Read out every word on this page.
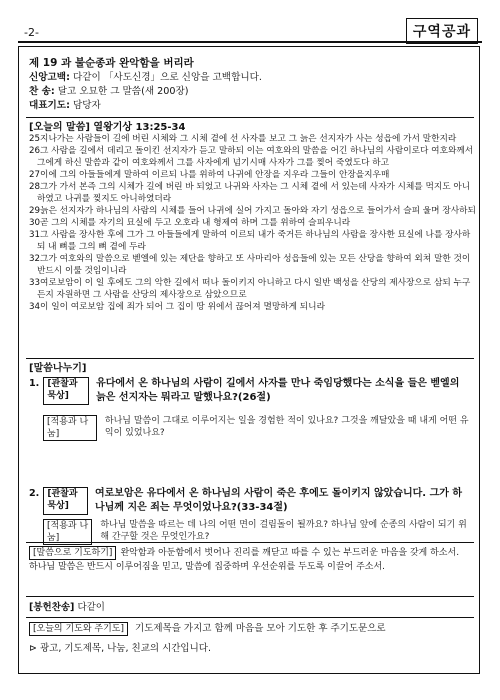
-2-	구역공과
제 19 과 불순종과 완악함을 버리라
신앙고백: 다같이 「사도신경」으로 신앙을 고백합니다.
찬 송: 달고 오묘한 그 말씀(새 200장)
대표기도: 담당자
[오늘의 말씀] 열왕기상 13:25-34

25지나가는 사람들이 길에 버린 시체와 그 시체 곁에 선 사자를 보고 그 늙은 선지자가 사는 성읍에 가서 말한지라

26그 사람을 길에서 데리고 돌이킨 선지자가 듣고 말하되 이는 여호와의 말씀을 어긴 하나님의 사람이로다 여호와께서 그에게 하신 말씀과 같이 여호와께서 그를 사자에게 넘기시매 사자가 그를 찢어 죽였도다 하고

27이에 그의 아들들에게 말하여 이르되 나를 위하여 나귀에 안장을 지우라 그들이 안장을지우매

28그가 가서 본즉 그의 시체가 길에 버린 바 되었고 나귀와 사자는 그 시체 곁에 서 있는데 사자가 시체를 먹지도 아니하였고 나귀를 찢지도 아니하였더라

29늙은 선지자가 하나님의 사람의 시체를 들어 나귀에 실어 가지고 돌아와 자기 성읍으로 들어가서 슬피 울며 장사하되

30곧 그의 시체를 자기의 묘실에 두고 오호라 내 형제여 하며 그를 위하여 슬피우니라

31그 사람을 장사한 후에 그가 그 아들들에게 말하여 이르되 내가 죽거든 하나님의 사람을 장사한 묘실에 나를 장사하되 내 뼈를 그의 뼈 곁에 두라

32그가 여호와의 말씀으로 벧엘에 있는 제단을 향하고 또 사마리아 성읍들에 있는 모든 산당을 향하여 외쳐 말한 것이 반드시 이룰 것임이니라

33여로보암이 이 일 후에도 그의 악한 길에서 떠나 돌이키지 아니하고 다시 일반 백성을 산당의 제사장으로 삼되 누구든지 자원하면 그 사람을 산당의 제사장으로 삼았으므로

34이 일이 여로보암 집에 죄가 되어 그 집이 땅 위에서 끊어져 멸망하게 되니라

[말씀나누기]
1. [관찰과 묵상]
유다에서 온 하나님의 사람이 길에서 사자를 만나 죽임당했다는 소식을 들은 벧엘의 늙은 선지자는 뭐라고 말했나요?(26절)
[적용과 나눔]
하나님 말씀이 그대로 이루어지는 일을 경험한 적이 있나요? 그것을 깨달았을 때 내게 어떤 유익이 있었나요?
2. [관찰과 묵상]
여로보암은 유다에서 온 하나님의 사람이 죽은 후에도 돌이키지 않았습니다. 그가 하나님께 지은 죄는 무엇이었나요?(33-34절)
[적용과 나눔]
하나님 말씀을 따르는 데 나의 어떤 면이 걸림돌이 될까요? 하나님 앞에 순종의 사람이 되기 위해 간구할 것은 무엇인가요?
[말씀으로 기도하기] 완악함과 아둔함에서 벗어나 진리를 깨닫고 따를 수 있는 부드러운 마음을 갖게 하소서. 하나님 말씀은 반드시 이루어짐을 믿고, 말씀에 집중하며 우선순위를 두도록 이끌어 주소서.
[봉헌찬송] 다같이
[오늘의 기도와 주기도] 기도제목을 가지고 함께 마음을 모아 기도한 후 주기도문으로
⊳ 광고, 기도제목, 나눔, 친교의 시간입니다.
